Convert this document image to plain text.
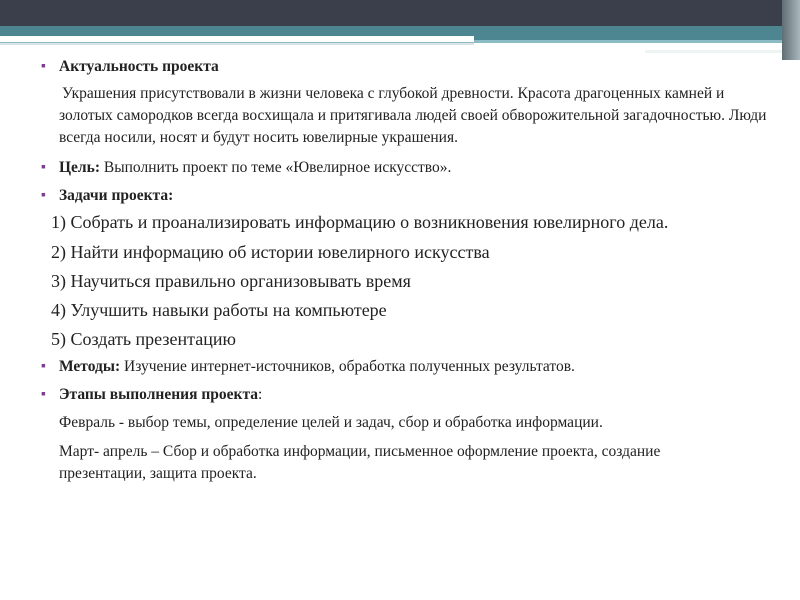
▪ Актуальность проекта

Украшения присутствовали в жизни человека с глубокой древности. Красота драгоценных камней и золотых самородков всегда восхищала и притягивала людей своей обворожительной загадочностью. Люди всегда носили, носят и будут носить ювелирные украшения.

▪ Цель: Выполнить проект по теме «Ювелирное искусство».
▪ Задачи проекта:
1) Собрать и проанализировать информацию о возникновения ювелирного дела.
2) Найти информацию об истории ювелирного искусства
3) Научиться правильно организовывать время
4) Улучшить навыки работы на компьютере
5) Создать презентацию
▪ Методы: Изучение интернет-источников, обработка полученных результатов.
▪ Этапы выполнения проекта:

Февраль - выбор темы, определение целей и задач, сбор и обработка информации.

Март- апрель – Сбор и обработка информации, письменное оформление проекта, создание презентации, защита проекта.
